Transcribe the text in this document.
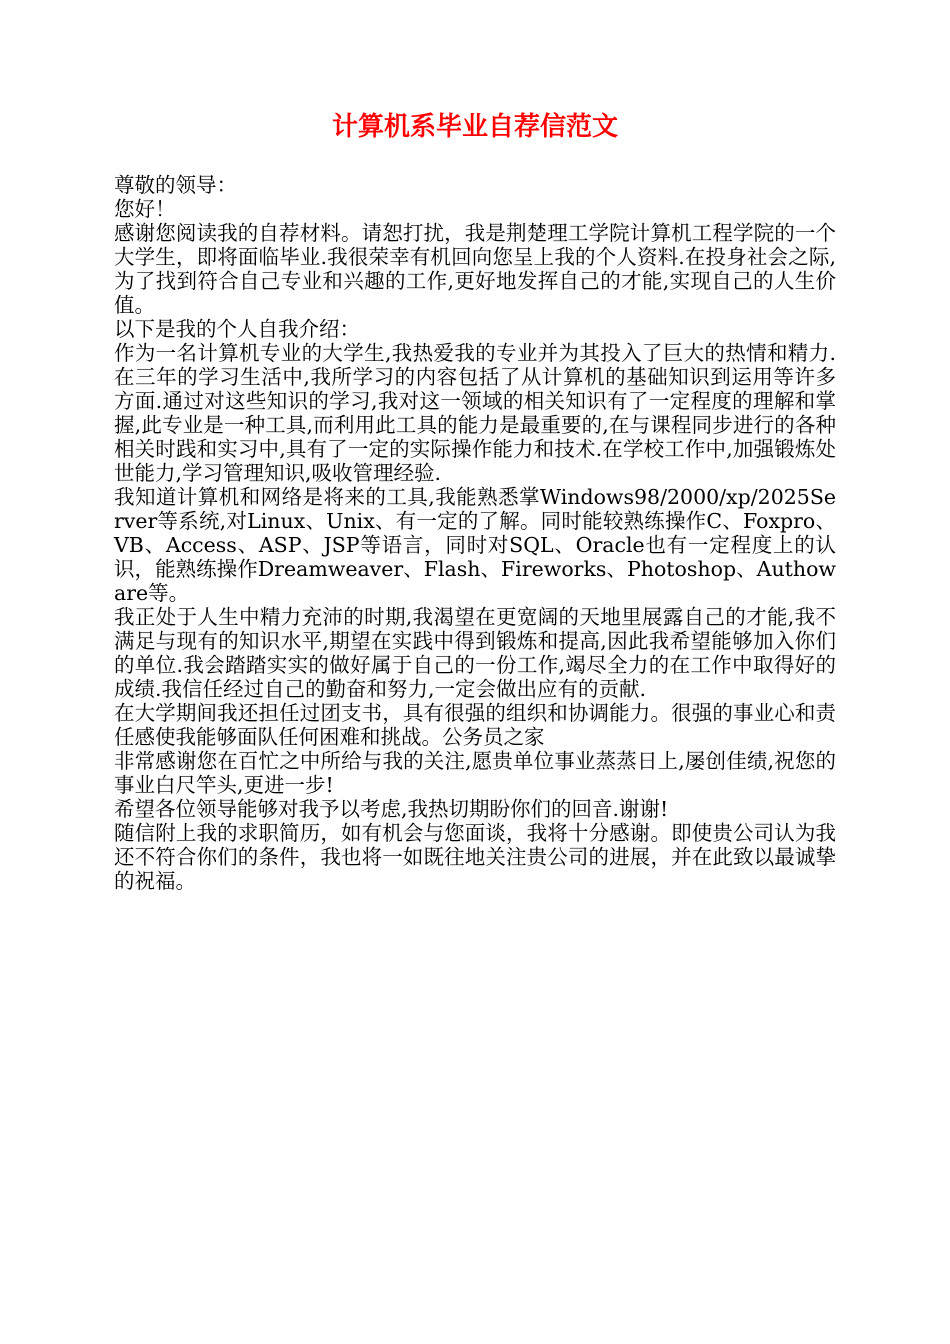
计算机系毕业自荐信范文

尊敬的领导：

您好！

感谢您阅读我的自荐材料。请恕打扰，我是荆楚理工学院计算机工程学院的一个大学生，即将面临毕业.我很荣幸有机回向您呈上我的个人资料.在投身社会之际,为了找到符合自己专业和兴趣的工作,更好地发挥自己的才能,实现自己的人生价值。

以下是我的个人自我介绍：

作为一名计算机专业的大学生,我热爱我的专业并为其投入了巨大的热情和精力.在三年的学习生活中,我所学习的内容包括了从计算机的基础知识到运用等许多方面.通过对这些知识的学习,我对这一领域的相关知识有了一定程度的理解和掌握,此专业是一种工具,而利用此工具的能力是最重要的,在与课程同步进行的各种相关时践和实习中,具有了一定的实际操作能力和技术.在学校工作中,加强锻炼处世能力,学习管理知识,吸收管理经验.

我知道计算机和网络是将来的工具,我能熟悉掌Windows98/2000/xp/2025Server等系统,对Linux、Unix、有一定的了解。同时能较熟练操作C、Foxpro、VB、Access、ASP、JSP等语言，同时对SQL、Oracle也有一定程度上的认识，能熟练操作Dreamweaver、Flash、Fireworks、Photoshop、Authoware等。

我正处于人生中精力充沛的时期,我渴望在更宽阔的天地里展露自己的才能,我不满足与现有的知识水平,期望在实践中得到锻炼和提高,因此我希望能够加入你们的单位.我会踏踏实实的做好属于自己的一份工作,竭尽全力的在工作中取得好的成绩.我信任经过自己的勤奋和努力,一定会做出应有的贡献.

在大学期间我还担任过团支书，具有很强的组织和协调能力。很强的事业心和责任感使我能够面队任何困难和挑战。公务员之家

非常感谢您在百忙之中所给与我的关注,愿贵单位事业蒸蒸日上,屡创佳绩,祝您的事业白尺竿头,更进一步!

希望各位领导能够对我予以考虑,我热切期盼你们的回音.谢谢!

随信附上我的求职简历，如有机会与您面谈，我将十分感谢。即使贵公司认为我还不符合你们的条件，我也将一如既往地关注贵公司的进展，并在此致以最诚挚的祝福。
